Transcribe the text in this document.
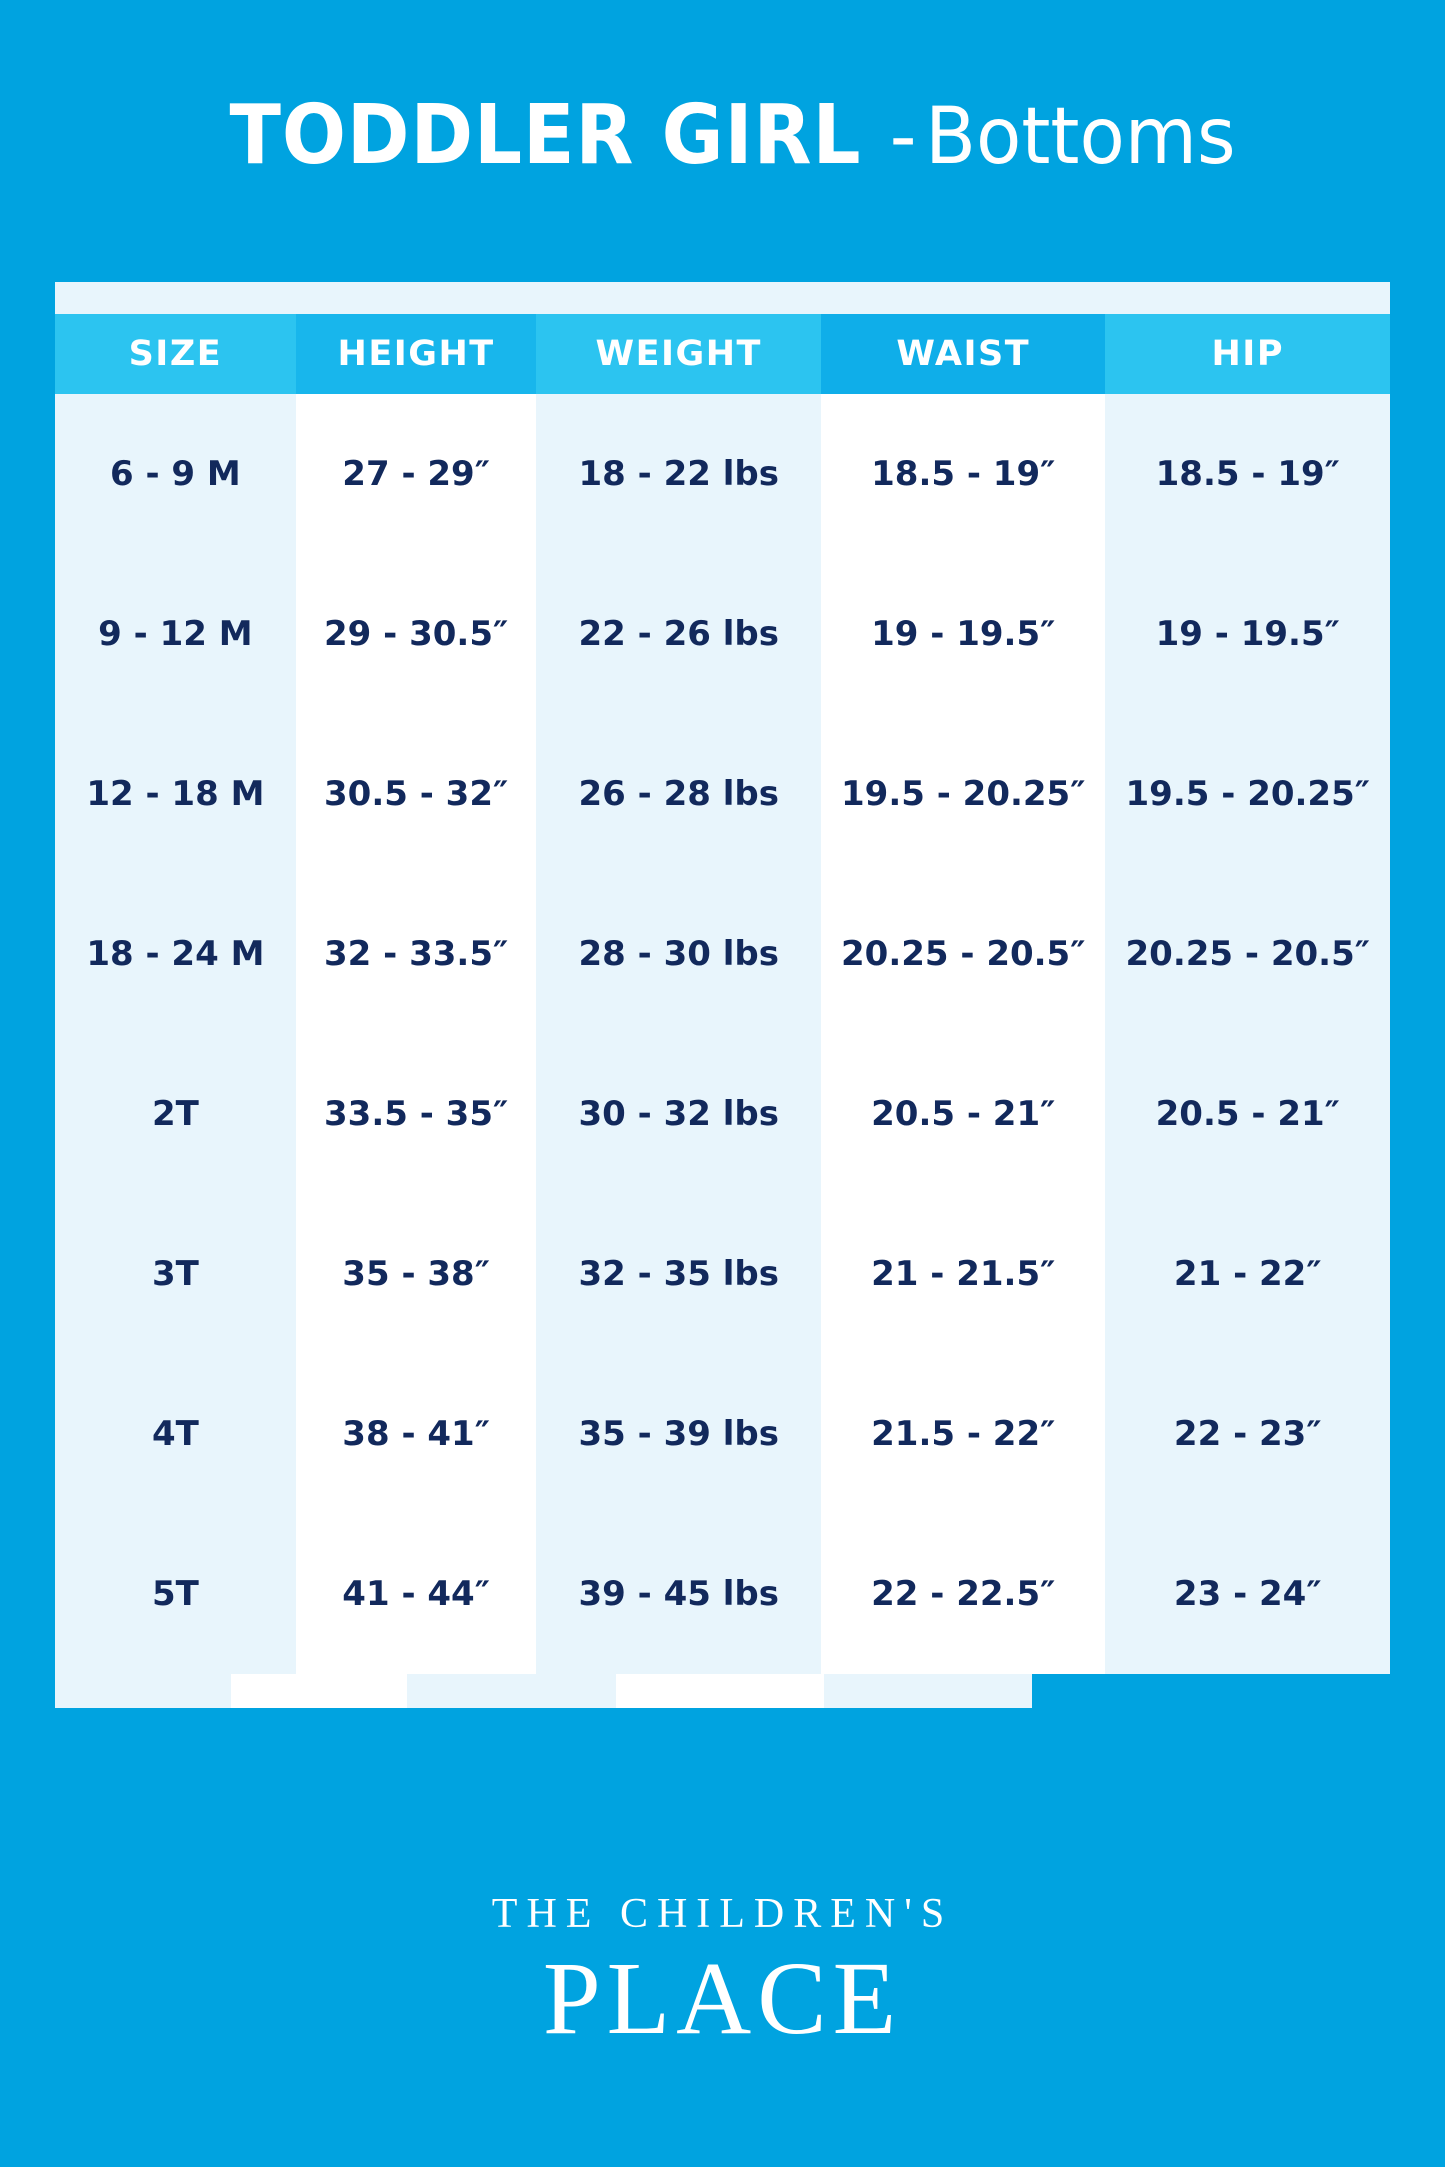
TODDLER GIRL-Bottoms
SIZE	HEIGHT	WEIGHT	WAIST	HIP
6 - 9 M	27 - 29″	18 - 22 lbs	18.5 - 19″	18.5 - 19″
9 - 12 M	29 - 30.5″	22 - 26 lbs	19 - 19.5″	19 - 19.5″
12 - 18 M	30.5 - 32″	26 - 28 lbs	19.5 - 20.25″	19.5 - 20.25″
18 - 24 M	32 - 33.5″	28 - 30 lbs	20.25 - 20.5″	20.25 - 20.5″
2T	33.5 - 35″	30 - 32 lbs	20.5 - 21″	20.5 - 21″
3T	35 - 38″	32 - 35 lbs	21 - 21.5″	21 - 22″
4T	38 - 41″	35 - 39 lbs	21.5 - 22″	22 - 23″
5T	41 - 44″	39 - 45 lbs	22 - 22.5″	23 - 24″
THE CHILDREN'S
PLACE
